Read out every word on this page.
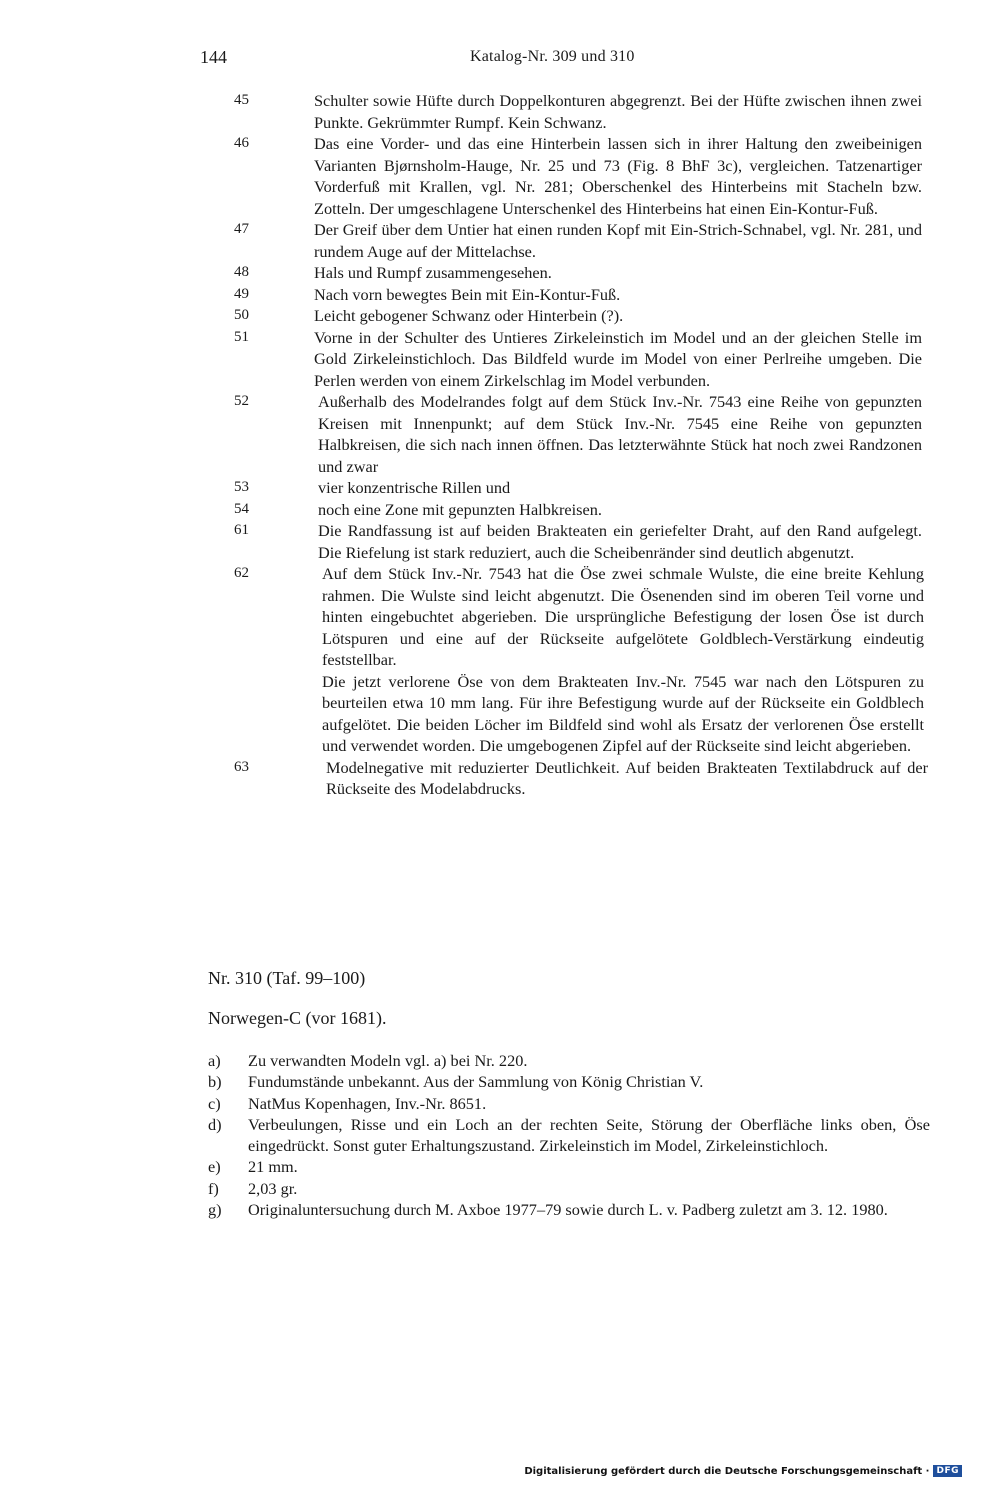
144	Katalog-Nr. 309 und 310
45	Schulter sowie Hüfte durch Doppelkonturen abgegrenzt. Bei der Hüfte zwischen ihnen zwei Punkte. Gekrümmter Rumpf. Kein Schwanz.
46	Das eine Vorder- und das eine Hinterbein lassen sich in ihrer Haltung den zweibeinigen Varianten Bjørnsholm-Hauge, Nr. 25 und 73 (Fig. 8 BhF 3c), vergleichen. Tatzenartiger Vorderfuß mit Krallen, vgl. Nr. 281; Oberschenkel des Hinterbeins mit Stacheln bzw. Zotteln. Der umgeschlagene Unterschenkel des Hinterbeins hat einen Ein-Kontur-Fuß.
47	Der Greif über dem Untier hat einen runden Kopf mit Ein-Strich-Schnabel, vgl. Nr. 281, und rundem Auge auf der Mittelachse.
48	Hals und Rumpf zusammengesehen.
49	Nach vorn bewegtes Bein mit Ein-Kontur-Fuß.
50	Leicht gebogener Schwanz oder Hinterbein (?).
51	Vorne in der Schulter des Untieres Zirkeleinstich im Model und an der gleichen Stelle im Gold Zirkeleinstichloch. Das Bildfeld wurde im Model von einer Perlreihe umgeben. Die Perlen werden von einem Zirkelschlag im Model verbunden.
52	Außerhalb des Modelrandes folgt auf dem Stück Inv.-Nr. 7543 eine Reihe von gepunzten Kreisen mit Innenpunkt; auf dem Stück Inv.-Nr. 7545 eine Reihe von gepunzten Halbkreisen, die sich nach innen öffnen. Das letzterwähnte Stück hat noch zwei Randzonen und zwar
53	vier konzentrische Rillen und
54	noch eine Zone mit gepunzten Halbkreisen.
61	Die Randfassung ist auf beiden Brakteaten ein geriefelter Draht, auf den Rand aufgelegt. Die Riefelung ist stark reduziert, auch die Scheibenränder sind deutlich abgenutzt.
62	Auf dem Stück Inv.-Nr. 7543 hat die Öse zwei schmale Wulste, die eine breite Kehlung rahmen. Die Wulste sind leicht abgenutzt. Die Ösenenden sind im oberen Teil vorne und hinten eingebuchtet abgerieben. Die ursprüngliche Befestigung der losen Öse ist durch Lötspuren und eine auf der Rückseite aufgelötete Goldblech-Verstärkung eindeutig feststellbar.
Die jetzt verlorene Öse von dem Brakteaten Inv.-Nr. 7545 war nach den Lötspuren zu beurteilen etwa 10 mm lang. Für ihre Befestigung wurde auf der Rückseite ein Goldblech aufgelötet. Die beiden Löcher im Bildfeld sind wohl als Ersatz der verlorenen Öse erstellt und verwendet worden. Die umgebogenen Zipfel auf der Rückseite sind leicht abgerieben.
63	Modelnegative mit reduzierter Deutlichkeit. Auf beiden Brakteaten Textilabdruck auf der Rückseite des Modelabdrucks.
Nr. 310 (Taf. 99–100)
Norwegen-C (vor 1681).
a) Zu verwandten Modeln vgl. a) bei Nr. 220.
b) Fundumstände unbekannt. Aus der Sammlung von König Christian V.
c) NatMus Kopenhagen, Inv.-Nr. 8651.
d) Verbeulungen, Risse und ein Loch an der rechten Seite, Störung der Oberfläche links oben, Öse eingedrückt. Sonst guter Erhaltungszustand. Zirkeleinstich im Model, Zirkeleinstichloch.
e) 21 mm.
f) 2,03 gr.
g) Originaluntersuchung durch M. Axboe 1977–79 sowie durch L. v. Padberg zuletzt am 3. 12. 1980.
Digitalisierung gefördert durch die Deutsche Forschungsgemeinschaft · DFG
